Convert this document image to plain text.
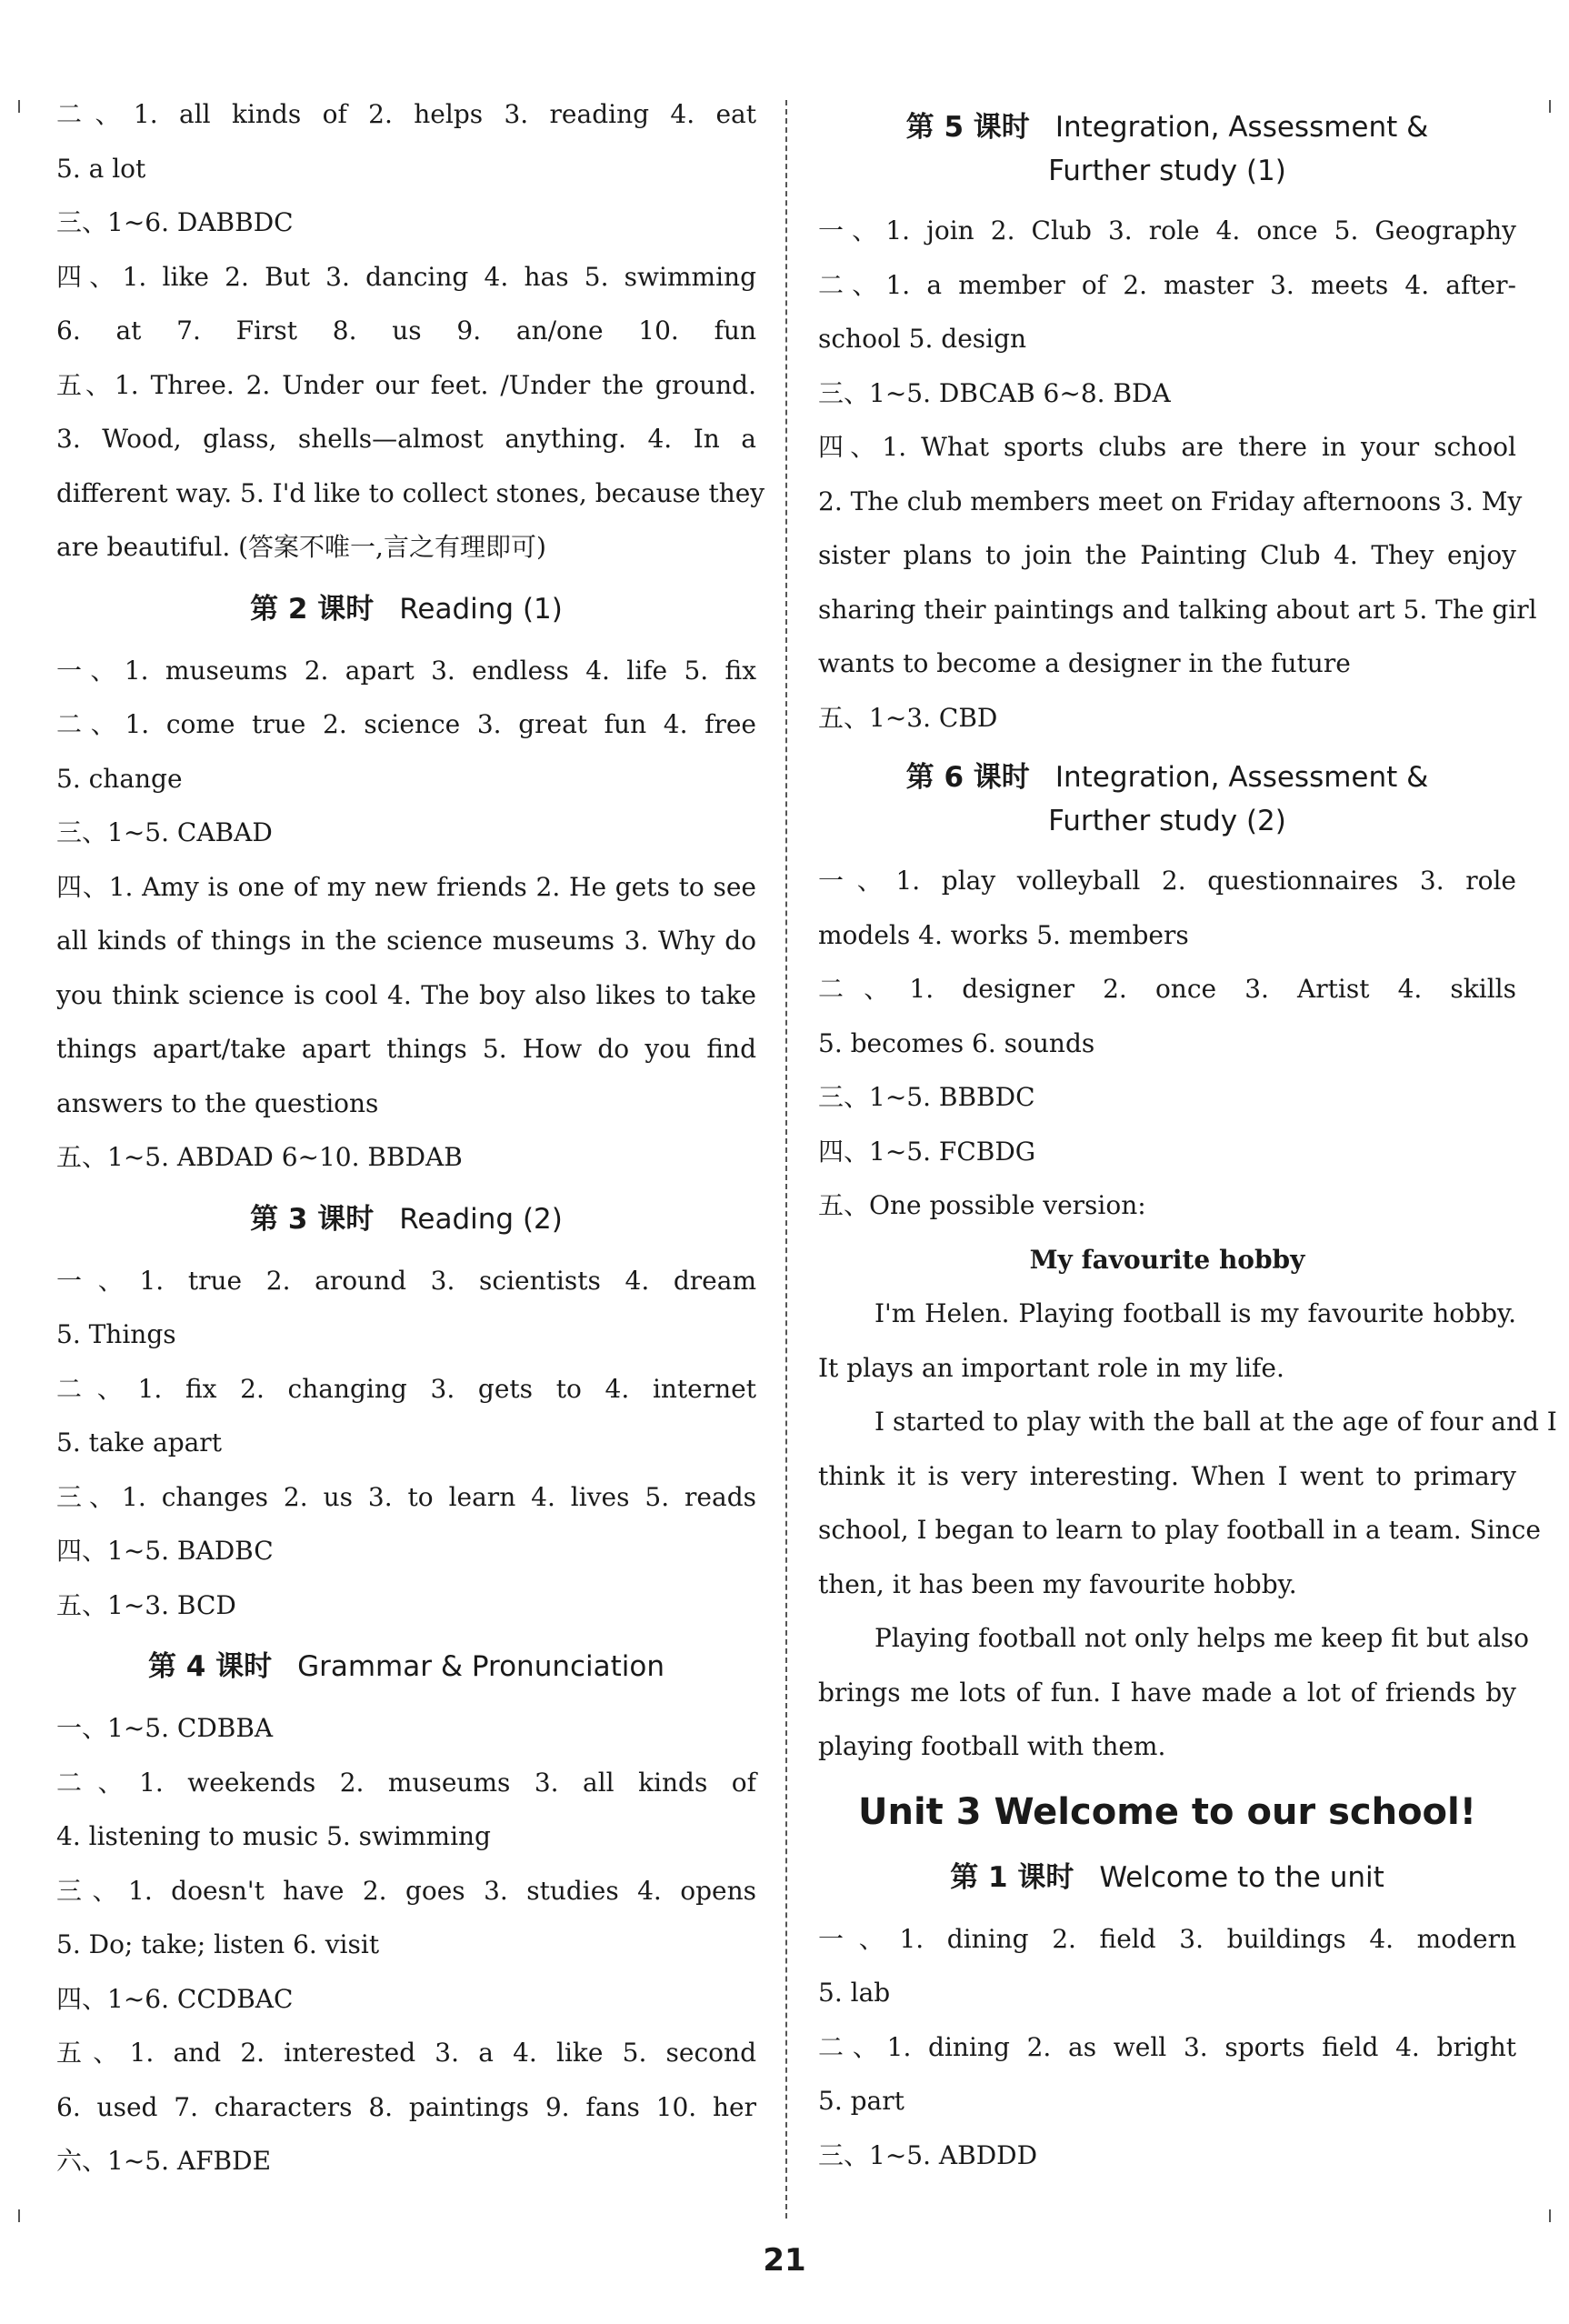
二、1. all kinds of 2. helps 3. reading 4. eat

5. a lot

三、1~6. DABBDC

四、1. like 2. But 3. dancing 4. has 5. swimming

6. at 7. First 8. us 9. an/one 10. fun

五、1. Three. 2. Under our feet. /Under the ground.

3. Wood, glass, shells—almost anything. 4. In a

different way. 5. I'd like to collect stones, because they

are beautiful. (答案不唯一,言之有理即可)

第 2 课时 Reading (1)

一、1. museums 2. apart 3. endless 4. life 5. fix

二、1. come true 2. science 3. great fun 4. free

5. change

三、1~5. CABAD

四、1. Amy is one of my new friends 2. He gets to see

all kinds of things in the science museums 3. Why do

you think science is cool 4. The boy also likes to take

things apart/take apart things 5. How do you find

answers to the questions

五、1~5. ABDAD 6~10. BBDAB

第 3 课时 Reading (2)

一、1. true 2. around 3. scientists 4. dream

5. Things

二、1. fix 2. changing 3. gets to 4. internet

5. take apart

三、1. changes 2. us 3. to learn 4. lives 5. reads

四、1~5. BADBC

五、1~3. BCD

第 4 课时 Grammar & Pronunciation

一、1~5. CDBBA

二、1. weekends 2. museums 3. all kinds of

4. listening to music 5. swimming

三、1. doesn't have 2. goes 3. studies 4. opens

5. Do; take; listen 6. visit

四、1~6. CCDBAC

五、1. and 2. interested 3. a 4. like 5. second

6. used 7. characters 8. paintings 9. fans 10. her

六、1~5. AFBDE

第 5 课时 Integration, Assessment &
Further study (1)

一、1. join 2. Club 3. role 4. once 5. Geography

二、1. a member of 2. master 3. meets 4. after-

school 5. design

三、1~5. DBCAB 6~8. BDA

四、1. What sports clubs are there in your school

2. The club members meet on Friday afternoons 3. My

sister plans to join the Painting Club 4. They enjoy

sharing their paintings and talking about art 5. The girl

wants to become a designer in the future

五、1~3. CBD

第 6 课时 Integration, Assessment &
Further study (2)

一、1. play volleyball 2. questionnaires 3. role

models 4. works 5. members

二、1. designer 2. once 3. Artist 4. skills

5. becomes 6. sounds

三、1~5. BBBDC

四、1~5. FCBDG

五、One possible version:

My favourite hobby

I'm Helen. Playing football is my favourite hobby.

It plays an important role in my life.

I started to play with the ball at the age of four and I

think it is very interesting. When I went to primary

school, I began to learn to play football in a team. Since

then, it has been my favourite hobby.

Playing football not only helps me keep fit but also

brings me lots of fun. I have made a lot of friends by

playing football with them.

Unit 3 Welcome to our school!
第 1 课时 Welcome to the unit

一、1. dining 2. field 3. buildings 4. modern

5. lab

二、1. dining 2. as well 3. sports field 4. bright

5. part

三、1~5. ABDDD

21
